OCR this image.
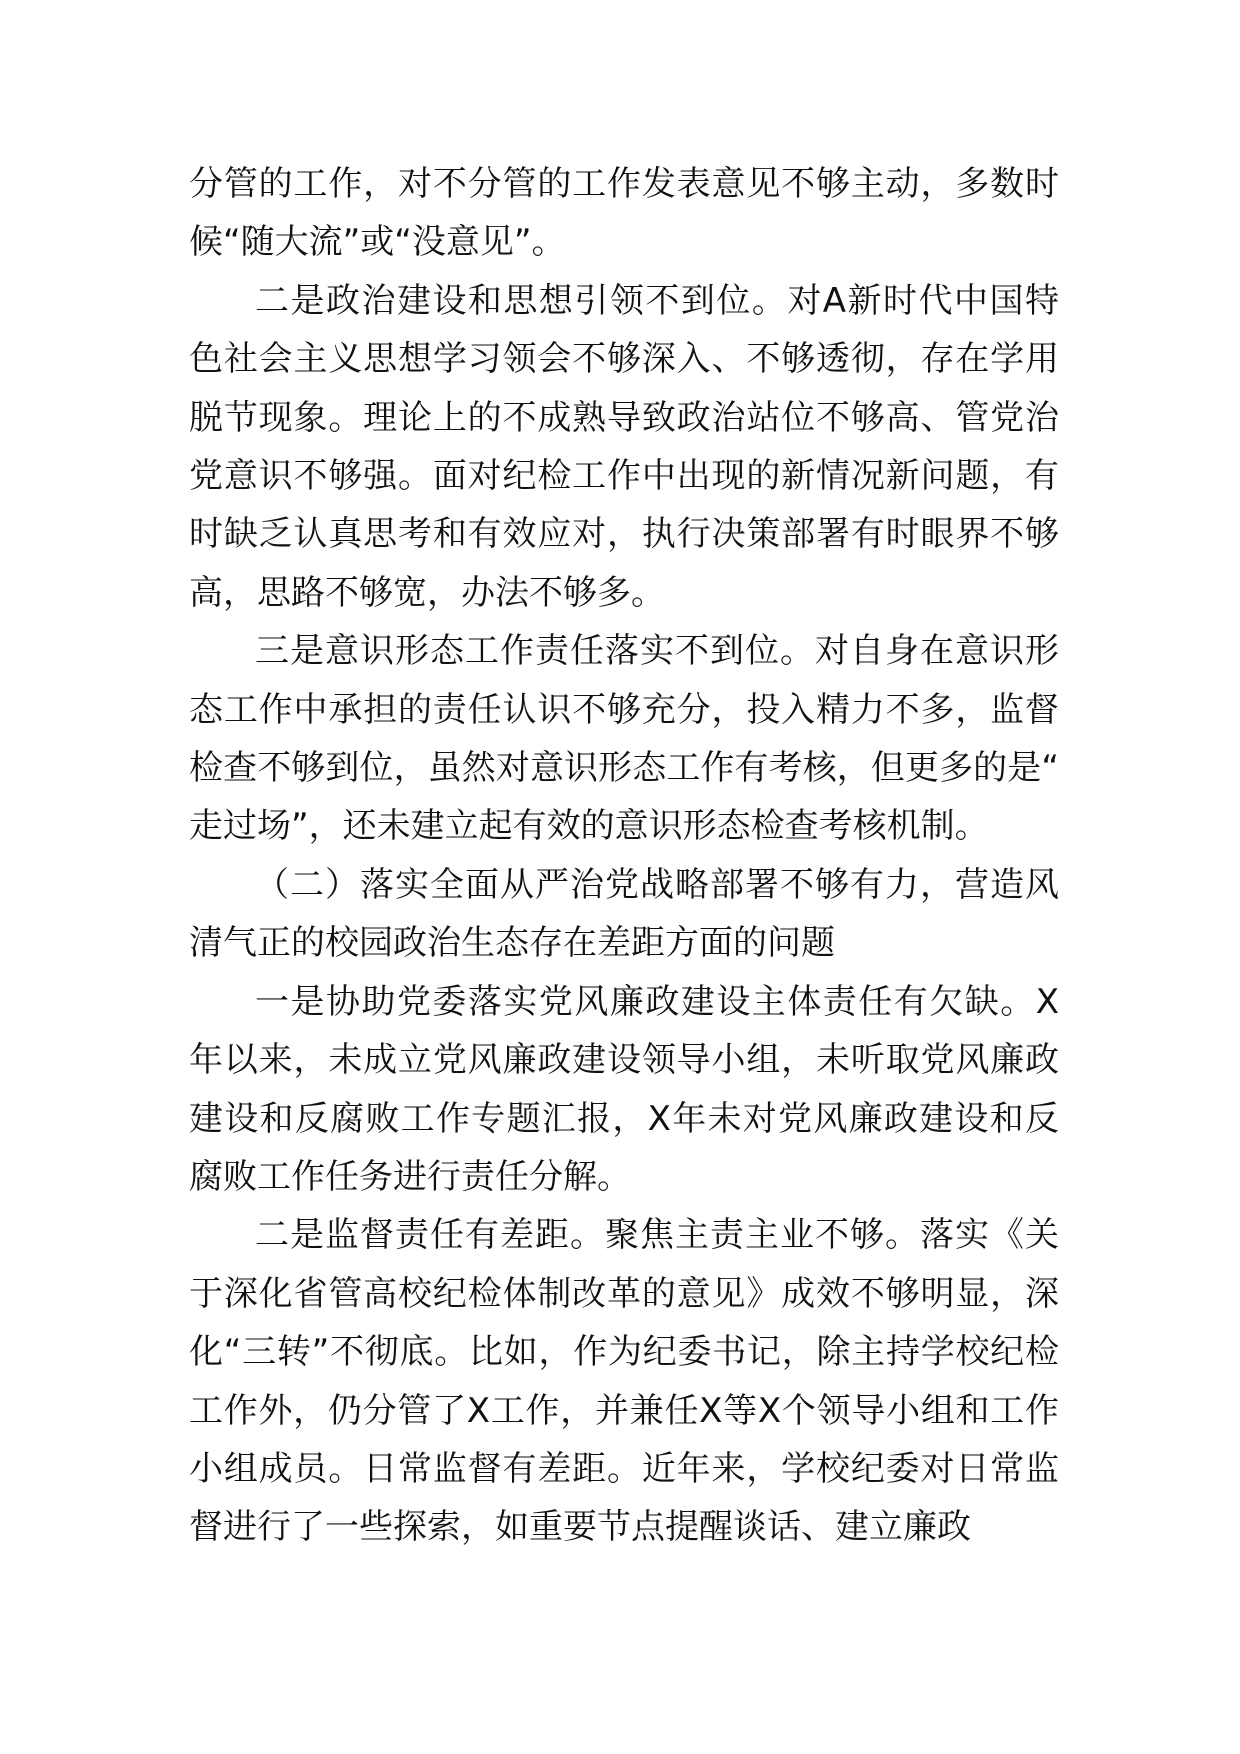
分管的工作，对不分管的工作发表意见不够主动，多数时候“随大流”或“没意见”。

二是政治建设和思想引领不到位。对A新时代中国特色社会主义思想学习领会不够深入、不够透彻，存在学用脱节现象。理论上的不成熟导致政治站位不够高、管党治党意识不够强。面对纪检工作中出现的新情况新问题，有时缺乏认真思考和有效应对，执行决策部署有时眼界不够高，思路不够宽，办法不够多。

三是意识形态工作责任落实不到位。对自身在意识形态工作中承担的责任认识不够充分，投入精力不多，监督检查不够到位，虽然对意识形态工作有考核，但更多的是“走过场”，还未建立起有效的意识形态检查考核机制。

（二）落实全面从严治党战略部署不够有力，营造风清气正的校园政治生态存在差距方面的问题

一是协助党委落实党风廉政建设主体责任有欠缺。X年以来，未成立党风廉政建设领导小组，未听取党风廉政建设和反腐败工作专题汇报，X年未对党风廉政建设和反腐败工作任务进行责任分解。

二是监督责任有差距。聚焦主责主业不够。落实《关于深化省管高校纪检体制改革的意见》成效不够明显，深化“三转”不彻底。比如，作为纪委书记，除主持学校纪检工作外，仍分管了X工作，并兼任X等X个领导小组和工作小组成员。日常监督有差距。近年来，学校纪委对日常监督进行了一些探索，如重要节点提醒谈话、建立廉政
